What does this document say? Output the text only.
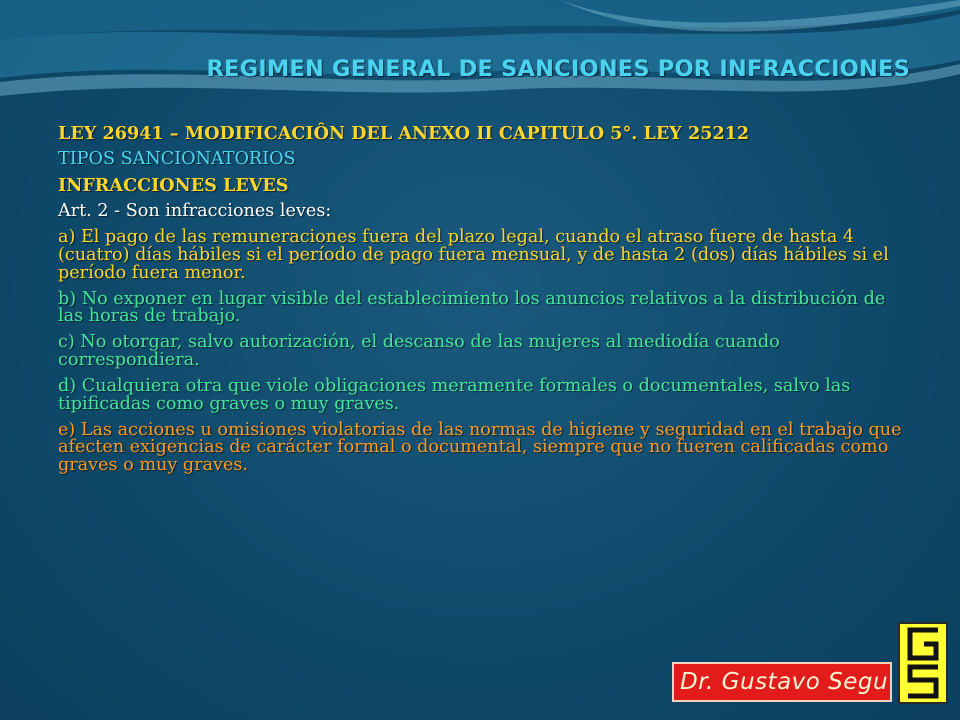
REGIMEN GENERAL DE SANCIONES POR INFRACCIONES
LEY 26941 – MODIFICACIÔN DEL ANEXO II CAPITULO 5°. LEY 25212
TIPOS SANCIONATORIOS
INFRACCIONES LEVES
Art. 2 - Son infracciones leves:
a) El pago de las remuneraciones fuera del plazo legal, cuando el atraso fuere de hasta 4 (cuatro) días hábiles si el período de pago fuera mensual, y de hasta 2 (dos) días hábiles si el período fuera menor.
b) No exponer en lugar visible del establecimiento los anuncios relativos a la distribución de las horas de trabajo.
c) No otorgar, salvo autorización, el descanso de las mujeres al mediodía cuando correspondiera.
d) Cualquiera otra que viole obligaciones meramente formales o documentales, salvo las tipificadas como graves o muy graves.
e) Las acciones u omisiones violatorias de las normas de higiene y seguridad en el trabajo que afecten exigencias de carácter formal o documental, siempre que no fueren calificadas como graves o muy graves.
Dr. Gustavo Segu
